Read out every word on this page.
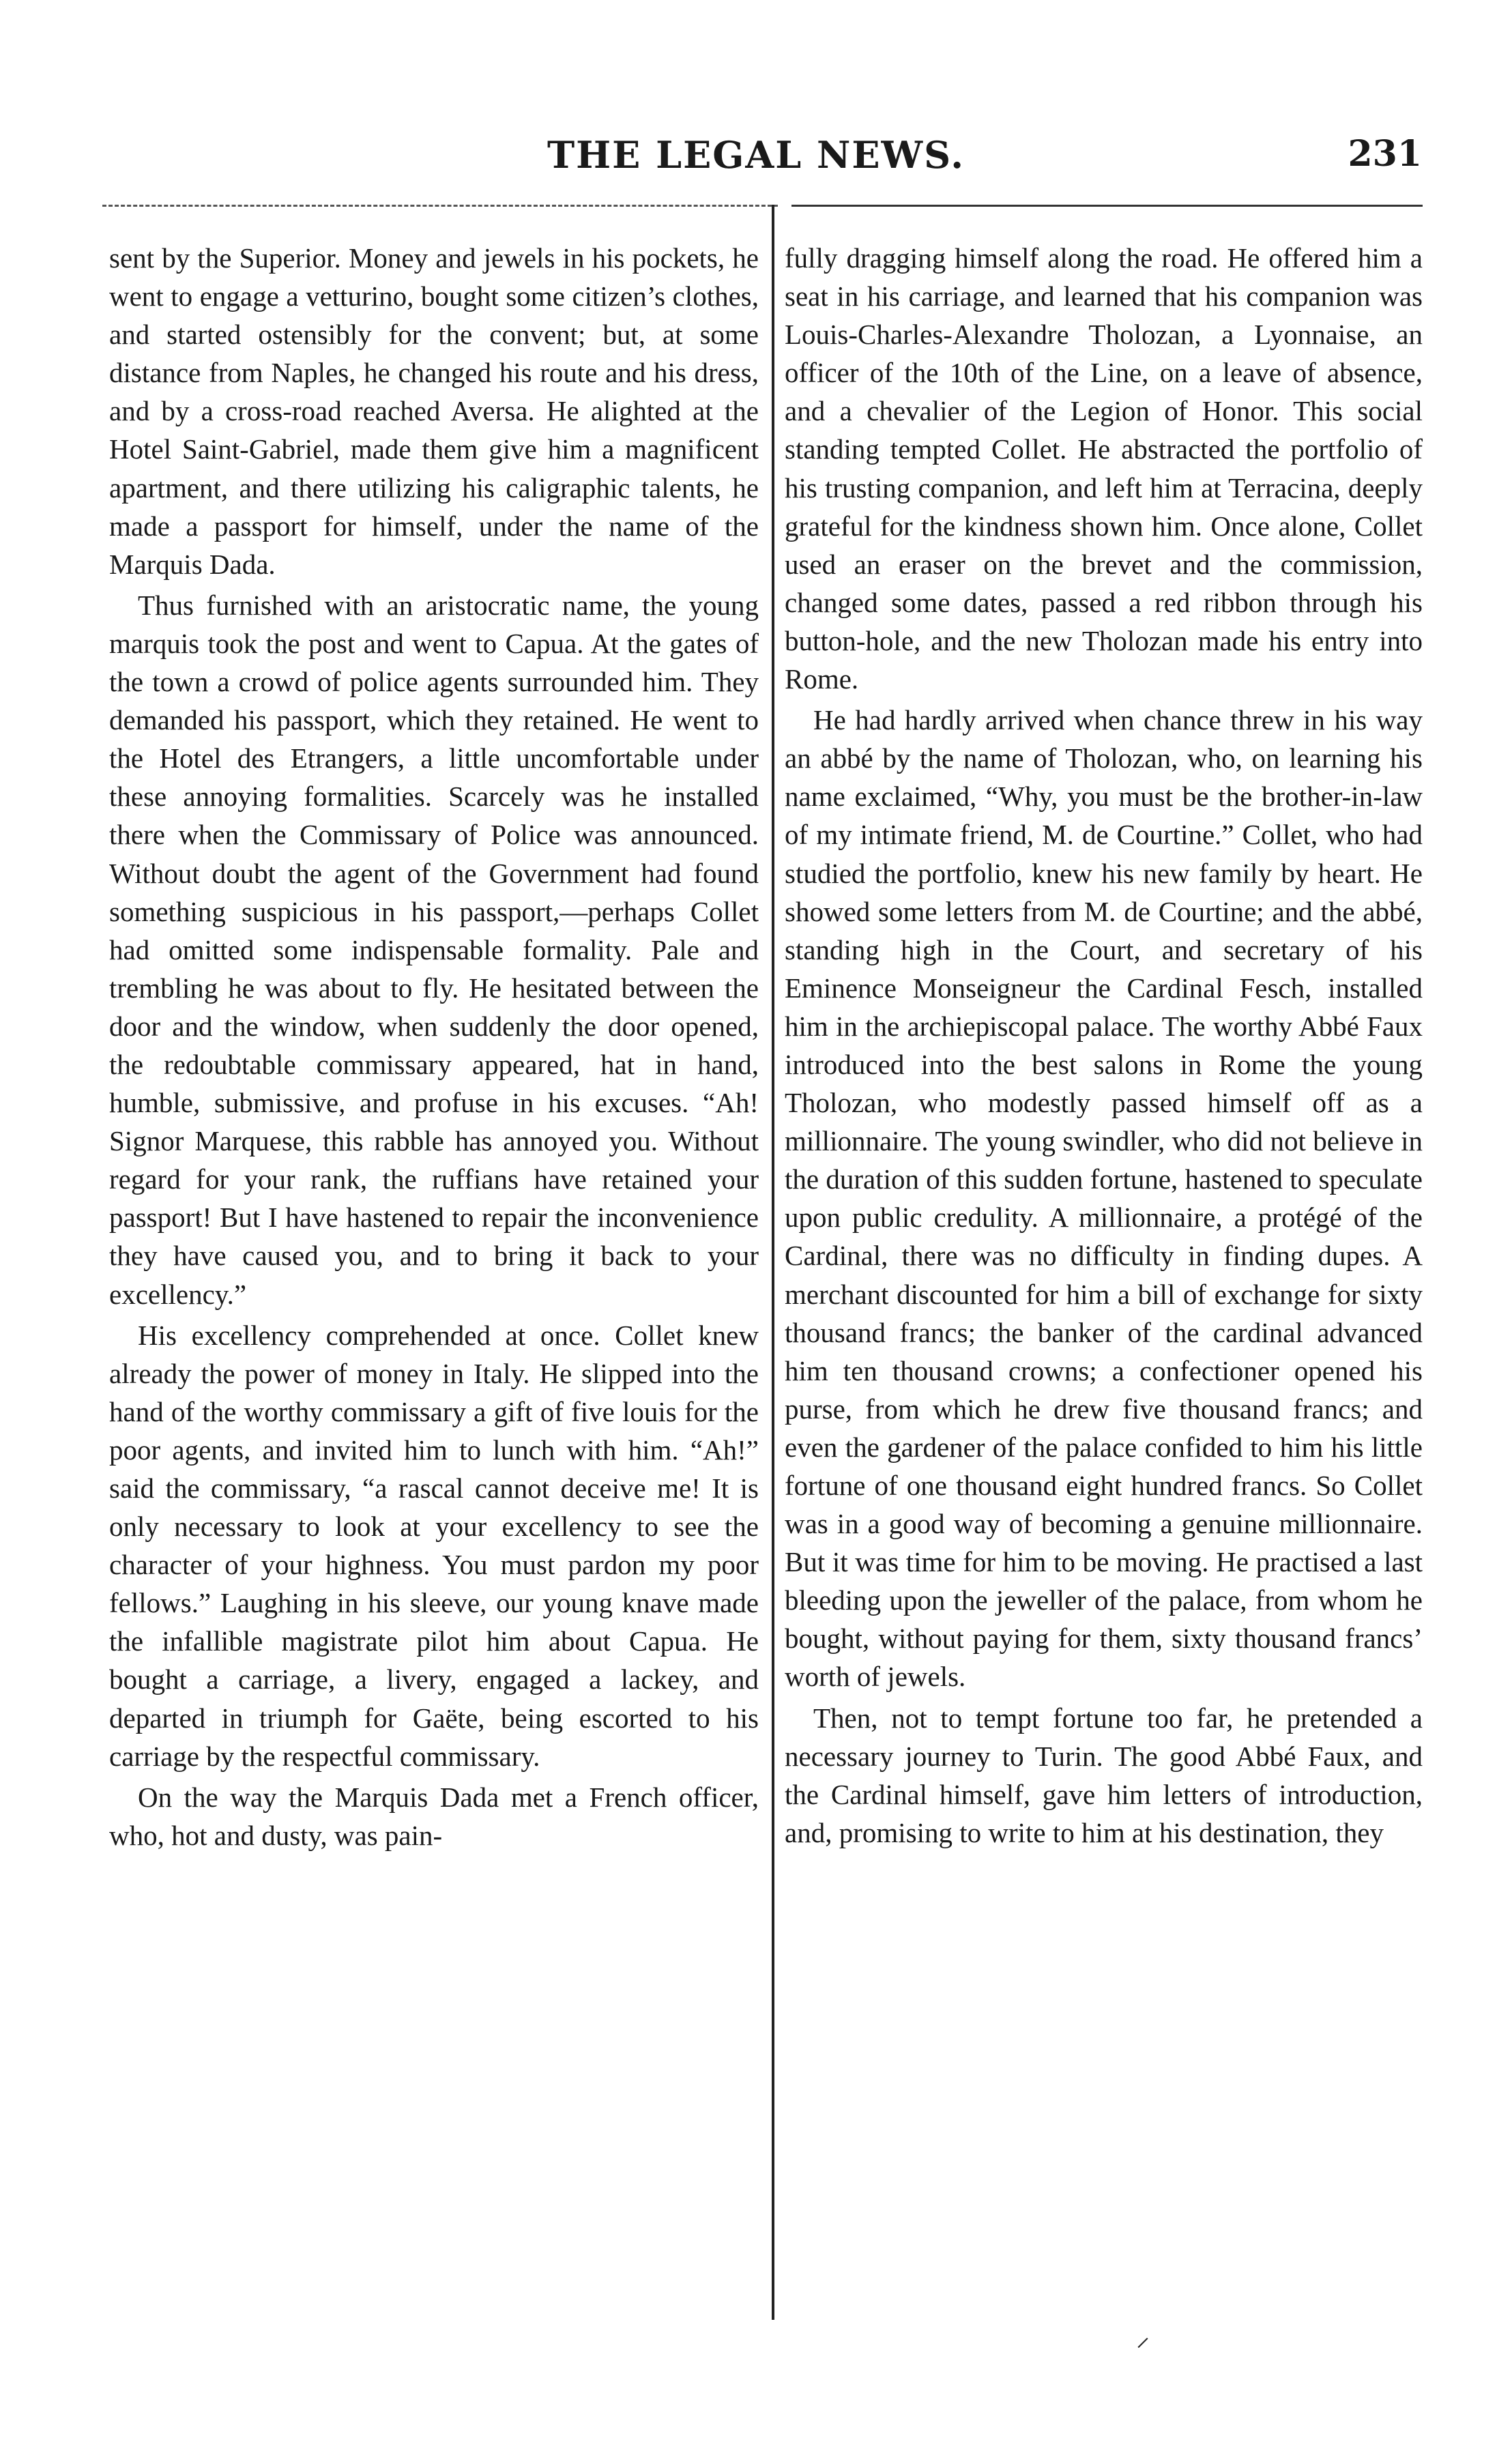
THE LEGAL NEWS.	231

sent by the Superior. Money and jewels in his pockets, he went to engage a vetturino, bought some citizen’s clothes, and started ostensibly for the convent; but, at some distance from Naples, he changed his route and his dress, and by a cross-road reached Aversa. He alighted at the Hotel Saint-Gabriel, made them give him a magnificent apartment, and there utilizing his caligraphic talents, he made a passport for himself, under the name of the Marquis Dada.

Thus furnished with an aristocratic name, the young marquis took the post and went to Capua. At the gates of the town a crowd of police agents surrounded him. They demanded his passport, which they retained. He went to the Hotel des Etrangers, a little uncomfortable under these annoying formalities. Scarcely was he installed there when the Commissary of Police was announced. Without doubt the agent of the Government had found something suspicious in his passport,—perhaps Collet had omitted some indispensable formality. Pale and trembling he was about to fly. He hesitated between the door and the window, when suddenly the door opened, the redoubtable commissary appeared, hat in hand, humble, submissive, and profuse in his excuses. “Ah! Signor Marquese, this rabble has annoyed you. Without regard for your rank, the ruffians have retained your passport! But I have hastened to repair the inconvenience they have caused you, and to bring it back to your excellency.”

His excellency comprehended at once. Collet knew already the power of money in Italy. He slipped into the hand of the worthy commissary a gift of five louis for the poor agents, and invited him to lunch with him. “Ah!” said the commissary, “a rascal cannot deceive me! It is only necessary to look at your excellency to see the character of your highness. You must pardon my poor fellows.” Laughing in his sleeve, our young knave made the infallible magistrate pilot him about Capua. He bought a carriage, a livery, engaged a lackey, and departed in triumph for Gaëte, being escorted to his carriage by the respectful commissary.

On the way the Marquis Dada met a French officer, who, hot and dusty, was pain-

fully dragging himself along the road. He offered him a seat in his carriage, and learned that his companion was Louis-Charles-Alexandre Tholozan, a Lyonnaise, an officer of the 10th of the Line, on a leave of absence, and a chevalier of the Legion of Honor. This social standing tempted Collet. He abstracted the portfolio of his trusting companion, and left him at Terracina, deeply grateful for the kindness shown him. Once alone, Collet used an eraser on the brevet and the commission, changed some dates, passed a red ribbon through his button-hole, and the new Tholozan made his entry into Rome.

He had hardly arrived when chance threw in his way an abbé by the name of Tholozan, who, on learning his name exclaimed, “Why, you must be the brother-in-law of my intimate friend, M. de Courtine.” Collet, who had studied the portfolio, knew his new family by heart. He showed some letters from M. de Courtine; and the abbé, standing high in the Court, and secretary of his Eminence Monseigneur the Cardinal Fesch, installed him in the archiepiscopal palace. The worthy Abbé Faux introduced into the best salons in Rome the young Tholozan, who modestly passed himself off as a millionnaire. The young swindler, who did not believe in the duration of this sudden fortune, hastened to speculate upon public credulity. A millionnaire, a protégé of the Cardinal, there was no difficulty in finding dupes. A merchant discounted for him a bill of exchange for sixty thousand francs; the banker of the cardinal advanced him ten thousand crowns; a confectioner opened his purse, from which he drew five thousand francs; and even the gardener of the palace confided to him his little fortune of one thousand eight hundred francs. So Collet was in a good way of becoming a genuine millionnaire. But it was time for him to be moving. He practised a last bleeding upon the jeweller of the palace, from whom he bought, without paying for them, sixty thousand francs’ worth of jewels.

Then, not to tempt fortune too far, he pretended a necessary journey to Turin. The good Abbé Faux, and the Cardinal himself, gave him letters of introduction, and, promising to write to him at his destination, they

⸝
